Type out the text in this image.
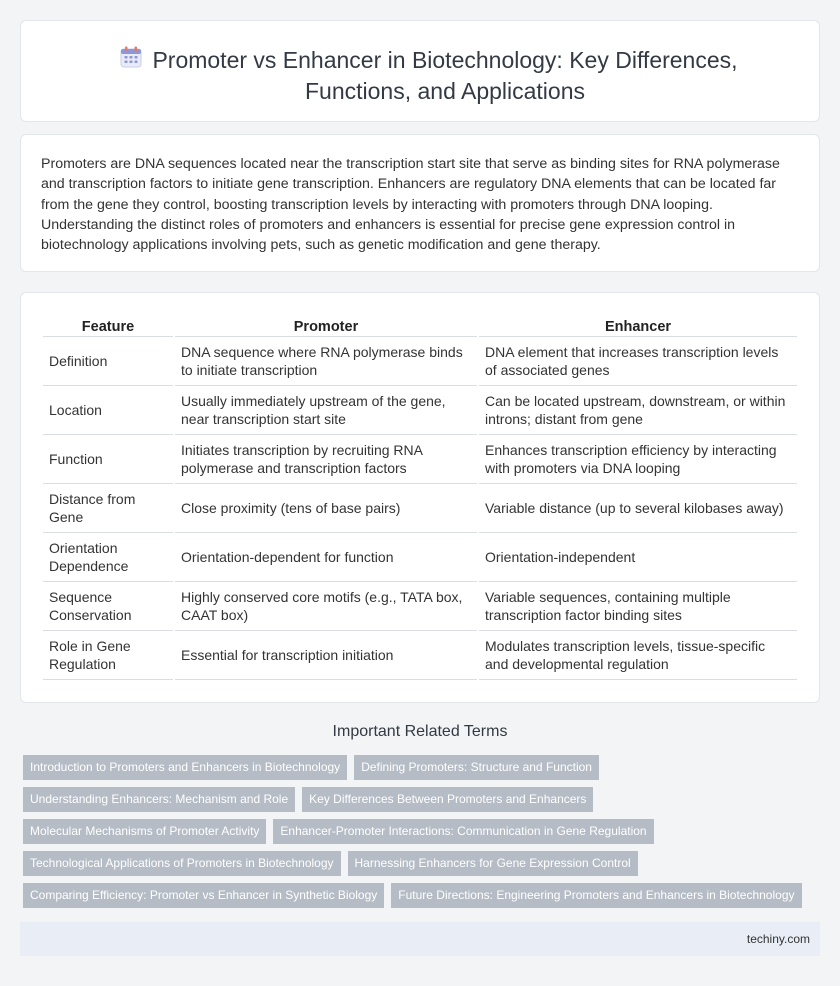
Promoter vs Enhancer in Biotechnology: Key Differences, Functions, and Applications

Promoters are DNA sequences located near the transcription start site that serve as binding sites for RNA polymerase and transcription factors to initiate gene transcription. Enhancers are regulatory DNA elements that can be located far from the gene they control, boosting transcription levels by interacting with promoters through DNA looping. Understanding the distinct roles of promoters and enhancers is essential for precise gene expression control in biotechnology applications involving pets, such as genetic modification and gene therapy.

Feature	Promoter	Enhancer
Definition	DNA sequence where RNA polymerase binds to initiate transcription	DNA element that increases transcription levels of associated genes
Location	Usually immediately upstream of the gene, near transcription start site	Can be located upstream, downstream, or within introns; distant from gene
Function	Initiates transcription by recruiting RNA polymerase and transcription factors	Enhances transcription efficiency by interacting with promoters via DNA looping
Distance from Gene	Close proximity (tens of base pairs)	Variable distance (up to several kilobases away)
Orientation Dependence	Orientation-dependent for function	Orientation-independent
Sequence Conservation	Highly conserved core motifs (e.g., TATA box, CAAT box)	Variable sequences, containing multiple transcription factor binding sites
Role in Gene Regulation	Essential for transcription initiation	Modulates transcription levels, tissue-specific and developmental regulation
Important Related Terms
Introduction to Promoters and Enhancers in Biotechnology	Defining Promoters: Structure and Function
Understanding Enhancers: Mechanism and Role	Key Differences Between Promoters and Enhancers
Molecular Mechanisms of Promoter Activity	Enhancer-Promoter Interactions: Communication in Gene Regulation
Technological Applications of Promoters in Biotechnology	Harnessing Enhancers for Gene Expression Control
Comparing Efficiency: Promoter vs Enhancer in Synthetic Biology	Future Directions: Engineering Promoters and Enhancers in Biotechnology
techiny.com
